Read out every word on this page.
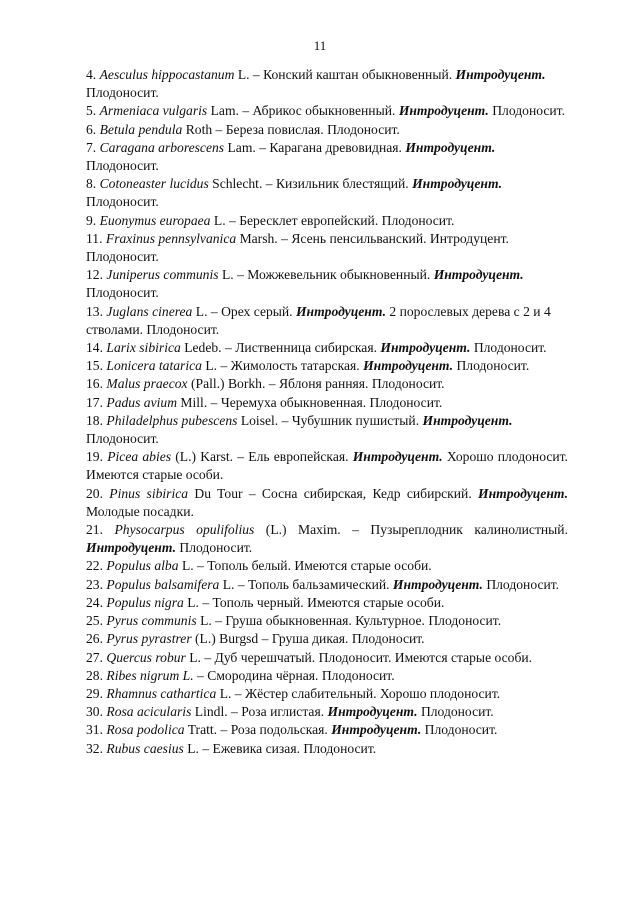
11

4. Aesculus hippocastanum L. – Конский каштан обыкновенный. Интродуцент. Плодоносит.

5. Armeniaca vulgaris Lam. – Абрикос обыкновенный. Интродуцент. Плодоносит.

6. Betula pendula Roth – Береза повислая. Плодоносит.

7. Caragana arborescens Lam. – Карагана древовидная. Интродуцент. Плодоносит.

8. Cotoneaster lucidus Schlecht. – Кизильник блестящий. Интродуцент. Плодоносит.

9. Euonymus europaea L. – Бересклет европейский. Плодоносит.

11. Fraxinus pennsylvanica Marsh. – Ясень пенсильванский. Интродуцент. Плодоносит.

12. Juniperus communis L. – Можжевельник обыкновенный. Интродуцент. Плодоносит.

13. Juglans cinerea L. – Орех серый. Интродуцент. 2 порослевых дерева с 2 и 4 стволами. Плодоносит.

14. Larix sibirica Ledeb. – Лиственница сибирская. Интродуцент. Плодоносит.

15. Lonicera tatarica L. – Жимолость татарская. Интродуцент. Плодоносит.

16. Malus praecox (Pall.) Borkh. – Яблоня ранняя. Плодоносит.

17. Padus avium Mill. – Черемуха обыкновенная. Плодоносит.

18. Philadelphus pubescens Loisel. – Чубушник пушистый. Интродуцент. Плодоносит.

19. Picea abies (L.) Karst. – Ель европейская. Интродуцент. Хорошо плодоносит. Имеются старые особи.

20. Pinus sibirica Du Tour – Сосна сибирская, Кедр сибирский. Интродуцент. Молодые посадки.

21. Physocarpus opulifolius (L.) Maxim. – Пузыреплодник калинолистный. Интродуцент. Плодоносит.

22. Populus alba L. – Тополь белый. Имеются старые особи.

23. Populus balsamifera L. – Тополь бальзамический. Интродуцент. Плодоносит.

24. Populus nigra L. – Тополь черный. Имеются старые особи.

25. Pyrus communis L. – Груша обыкновенная. Культурное. Плодоносит.

26. Pyrus pyrastrer (L.) Burgsd – Груша дикая. Плодоносит.

27. Quercus robur L. – Дуб черешчатый. Плодоносит. Имеются старые особи.

28. Ribes nigrum L. – Смородина чёрная. Плодоносит.

29. Rhamnus cathartica L. – Жёстер слабительный. Хорошо плодоносит.

30. Rosa acicularis Lindl. – Роза иглистая. Интродуцент. Плодоносит.

31. Rosa podolica Tratt. – Роза подольская. Интродуцент. Плодоносит.

32. Rubus caesius L. – Ежевика сизая. Плодоносит.
